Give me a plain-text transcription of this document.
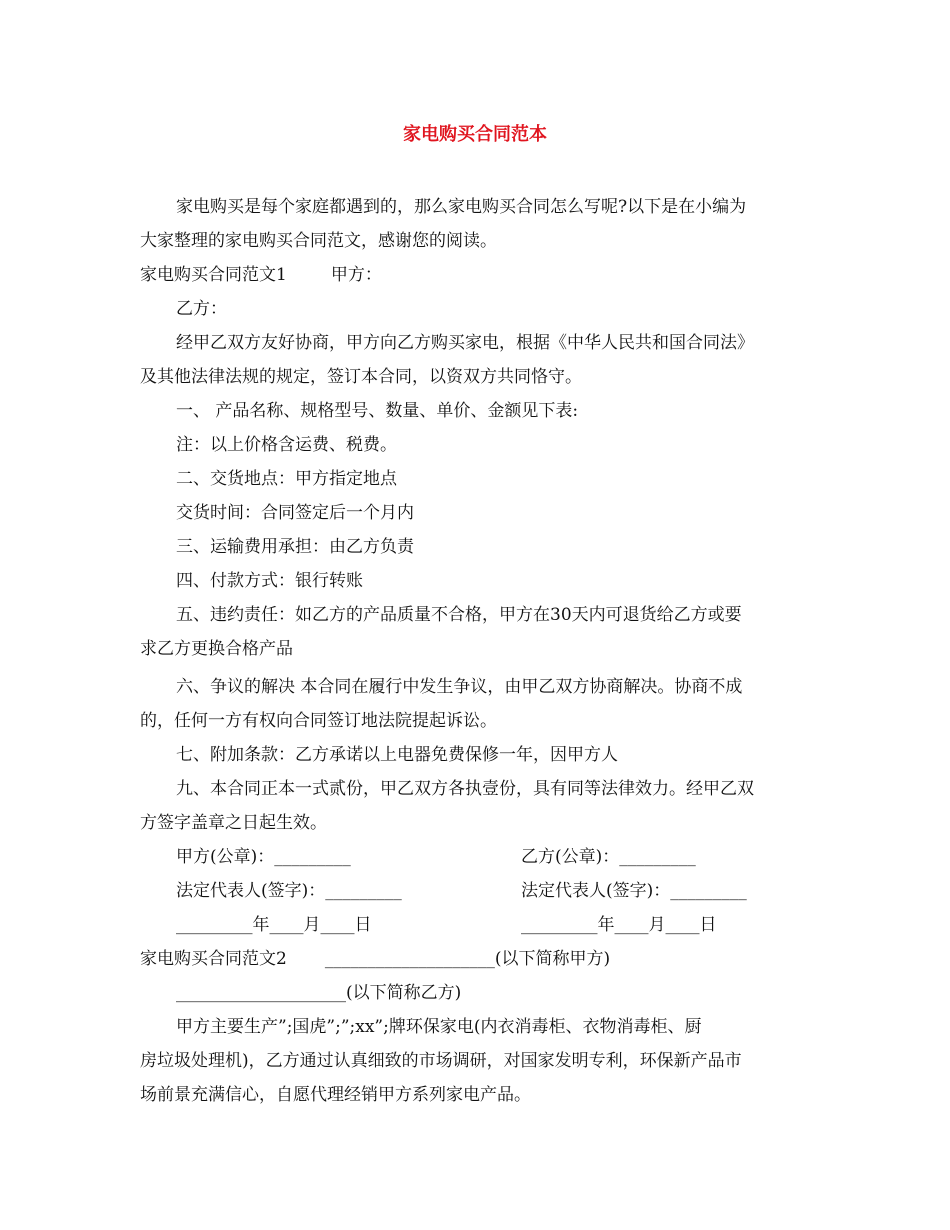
家电购买合同范本
家电购买是每个家庭都遇到的，那么家电购买合同怎么写呢?以下是在小编为
大家整理的家电购买合同范文，感谢您的阅读。
家电购买合同范文1	甲方：
乙方：
经甲乙双方友好协商，甲方向乙方购买家电，根据《中华人民共和国合同法》
及其他法律法规的规定，签订本合同，以资双方共同恪守。
一、 产品名称、规格型号、数量、单价、金额见下表:
注：以上价格含运费、税费。
二、交货地点：甲方指定地点
交货时间：合同签定后一个月内
三、运输费用承担：由乙方负责
四、付款方式：银行转账
五、违约责任：如乙方的产品质量不合格，甲方在30天内可退货给乙方或要
求乙方更换合格产品
六、争议的解决 本合同在履行中发生争议，由甲乙双方协商解决。协商不成
的，任何一方有权向合同签订地法院提起诉讼。
七、附加条款：乙方承诺以上电器免费保修一年，因甲方人
九、本合同正本一式贰份，甲乙双方各执壹份，具有同等法律效力。经甲乙双
方签字盖章之日起生效。
甲方(公章)：_________	乙方(公章)：_________
法定代表人(签字)：_________	法定代表人(签字)：_________
_________年____月____日	_________年____月____日
家电购买合同范文2 ____________________(以下简称甲方)
____________________(以下简称乙方)
甲方主要生产”;国虎”;”;xx”;牌环保家电(内衣消毒柜、衣物消毒柜、厨
房垃圾处理机)，乙方通过认真细致的市场调研，对国家发明专利，环保新产品市
场前景充满信心，自愿代理经销甲方系列家电产品。
